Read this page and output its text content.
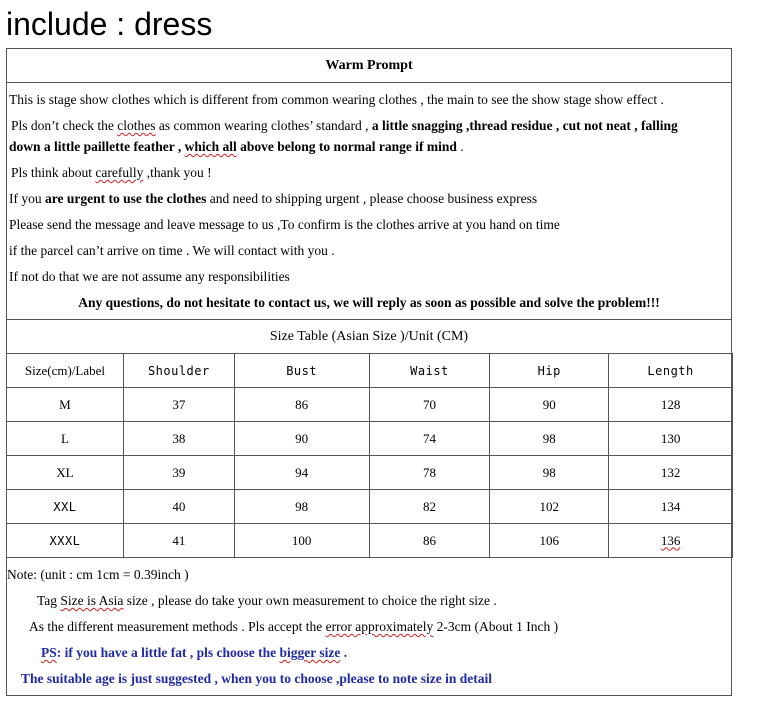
include : dress
Warm Prompt
This is stage show clothes which is different from common wearing clothes , the main to see the show stage show effect .
Pls don’t check the clothes as common wearing clothes’ standard , a little snagging ,thread residue , cut not neat , falling
down a little paillette feather , which all above belong to normal range if mind .
Pls think about carefully ,thank you !
If you are urgent to use the clothes and need to shipping urgent , please choose business express
Please send the message and leave message to us ,To confirm is the clothes arrive at you hand on time
if the parcel can’t arrive on time . We will contact with you .
If not do that we are not assume any responsibilities
Any questions, do not hesitate to contact us, we will reply as soon as possible and solve the problem!!!
Size Table (Asian Size )/Unit (CM)
Size(cm)/Label	Shoulder	Bust	Waist	Hip	Length
M	37	86	70	90	128
L	38	90	74	98	130
XL	39	94	78	98	132
XXL	40	98	82	102	134
XXXL	41	100	86	106	136
Note: (unit : cm 1cm = 0.39inch )
Tag Size is Asia size , please do take your own measurement to choice the right size .
As the different measurement methods . Pls accept the error approximately 2-3cm (About 1 Inch )
PS: if you have a little fat , pls choose the bigger size .
The suitable age is just suggested , when you to choose ,please to note size in detail
